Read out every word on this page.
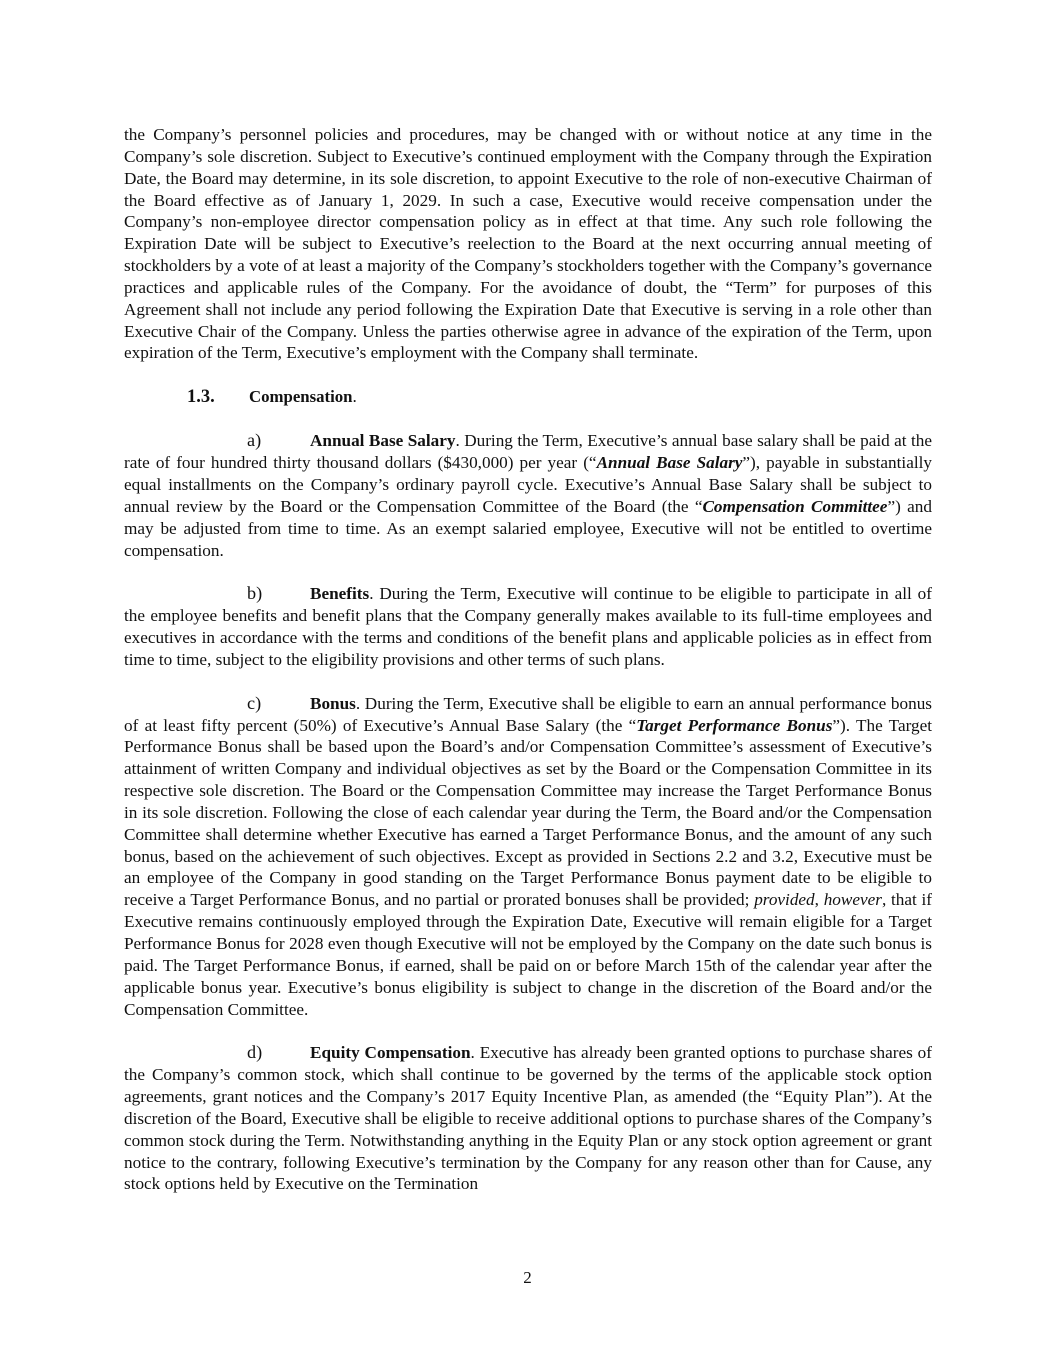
the Company’s personnel policies and procedures, may be changed with or without notice at any time in the Company’s sole discretion. Subject to Executive’s continued employment with the Company through the Expiration Date, the Board may determine, in its sole discretion, to appoint Executive to the role of non-executive Chairman of the Board effective as of January 1, 2029. In such a case, Executive would receive compensation under the Company’s non-employee director compensation policy as in effect at that time. Any such role following the Expiration Date will be subject to Executive’s reelection to the Board at the next occurring annual meeting of stockholders by a vote of at least a majority of the Company’s stockholders together with the Company’s governance practices and applicable rules of the Company. For the avoidance of doubt, the “Term” for purposes of this Agreement shall not include any period following the Expiration Date that Executive is serving in a role other than Executive Chair of the Company. Unless the parties otherwise agree in advance of the expiration of the Term, upon expiration of the Term, Executive’s employment with the Company shall terminate.

1.3. Compensation.

a)	Annual Base Salary. During the Term, Executive’s annual base salary shall be paid at the rate of four hundred thirty thousand dollars ($430,000) per year (“Annual Base Salary”), payable in substantially equal installments on the Company’s ordinary payroll cycle. Executive’s Annual Base Salary shall be subject to annual review by the Board or the Compensation Committee of the Board (the “Compensation Committee”) and may be adjusted from time to time. As an exempt salaried employee, Executive will not be entitled to overtime compensation.

b)	Benefits. During the Term, Executive will continue to be eligible to participate in all of the employee benefits and benefit plans that the Company generally makes available to its full-time employees and executives in accordance with the terms and conditions of the benefit plans and applicable policies as in effect from time to time, subject to the eligibility provisions and other terms of such plans.

c)	Bonus. During the Term, Executive shall be eligible to earn an annual performance bonus of at least fifty percent (50%) of Executive’s Annual Base Salary (the “Target Performance Bonus”). The Target Performance Bonus shall be based upon the Board’s and/or Compensation Committee’s assessment of Executive’s attainment of written Company and individual objectives as set by the Board or the Compensation Committee in its respective sole discretion. The Board or the Compensation Committee may increase the Target Performance Bonus in its sole discretion. Following the close of each calendar year during the Term, the Board and/or the Compensation Committee shall determine whether Executive has earned a Target Performance Bonus, and the amount of any such bonus, based on the achievement of such objectives. Except as provided in Sections 2.2 and 3.2, Executive must be an employee of the Company in good standing on the Target Performance Bonus payment date to be eligible to receive a Target Performance Bonus, and no partial or prorated bonuses shall be provided; provided, however, that if Executive remains continuously employed through the Expiration Date, Executive will remain eligible for a Target Performance Bonus for 2028 even though Executive will not be employed by the Company on the date such bonus is paid. The Target Performance Bonus, if earned, shall be paid on or before March 15th of the calendar year after the applicable bonus year. Executive’s bonus eligibility is subject to change in the discretion of the Board and/or the Compensation Committee.

d)	Equity Compensation. Executive has already been granted options to purchase shares of the Company’s common stock, which shall continue to be governed by the terms of the applicable stock option agreements, grant notices and the Company’s 2017 Equity Incentive Plan, as amended (the “Equity Plan”). At the discretion of the Board, Executive shall be eligible to receive additional options to purchase shares of the Company’s common stock during the Term. Notwithstanding anything in the Equity Plan or any stock option agreement or grant notice to the contrary, following Executive’s termination by the Company for any reason other than for Cause, any stock options held by Executive on the Termination

2
